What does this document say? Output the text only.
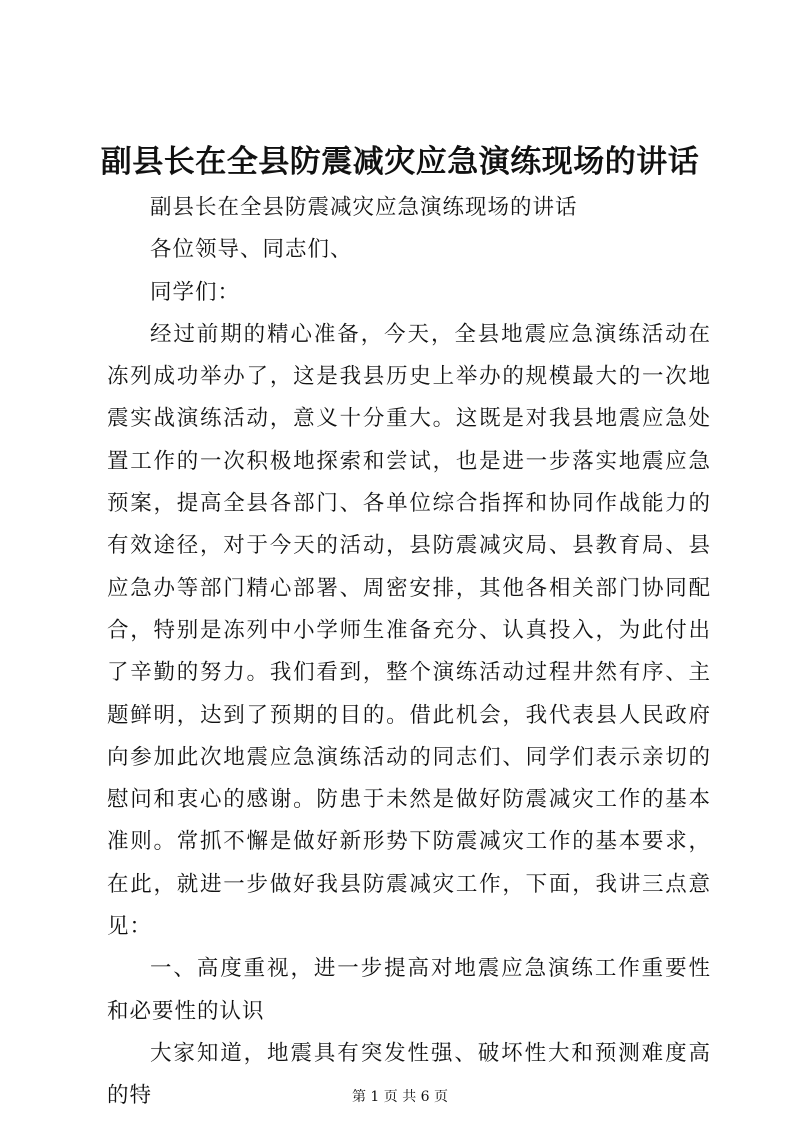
副县长在全县防震减灾应急演练现场的讲话

副县长在全县防震减灾应急演练现场的讲话

各位领导、同志们、

同学们：

经过前期的精心准备，今天，全县地震应急演练活动在冻列成功举办了，这是我县历史上举办的规模最大的一次地震实战演练活动，意义十分重大。这既是对我县地震应急处置工作的一次积极地探索和尝试，也是进一步落实地震应急预案，提高全县各部门、各单位综合指挥和协同作战能力的有效途径，对于今天的活动，县防震减灾局、县教育局、县应急办等部门精心部署、周密安排，其他各相关部门协同配合，特别是冻列中小学师生准备充分、认真投入，为此付出了辛勤的努力。我们看到，整个演练活动过程井然有序、主题鲜明，达到了预期的目的。借此机会，我代表县人民政府向参加此次地震应急演练活动的同志们、同学们表示亲切的慰问和衷心的感谢。防患于未然是做好防震减灾工作的基本准则。常抓不懈是做好新形势下防震减灾工作的基本要求，在此，就进一步做好我县防震减灾工作，下面，我讲三点意见：

一、高度重视，进一步提高对地震应急演练工作重要性和必要性的认识

大家知道，地震具有突发性强、破坏性大和预测难度高的特	第 1 页 共 6 页
